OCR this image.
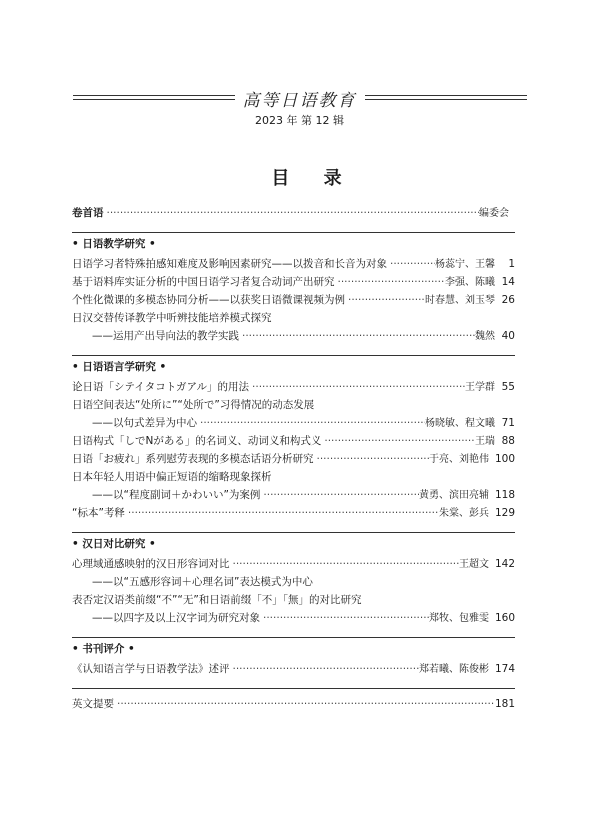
高等日语教育
2023 年 第 12 辑
目 录
卷首语 ·····	编委会
• 日语教学研究 •
日语学习者特殊拍感知难度及影响因素研究——以拨音和长音为对象 ·····	杨蕊宁、王馨	1
基于语料库实证分析的中国日语学习者复合动词产出研究 ·····	李强、陈曦 14
个性化微课的多模态协同分析——以获奖日语微课视频为例 ·····	时春慧、刘玉琴 26
日汉交替传译教学中听辨技能培养模式探究
——运用产出导向法的教学实践 ·····	魏然 40
• 日语语言学研究 •
论日语「シテイタコトガアル」的用法 ·····	王学群 55
日语空间表达“处所に”“处所で”习得情况的动态发展
——以句式差异为中心 ·····	杨晓敏、程文曦 71
日语构式「しでNがある」的名词义、动词义和构式义 ·····	王瑞 88
日语「お疲れ」系列慰劳表现的多模态话语分析研究 ·····	于亮、刘艳伟 100
日本年轻人用语中偏正短语的缩略现象探析
——以“程度副词＋かわいい”为案例 ·····	黄勇、滨田亮辅 118
“标本”考释 ·····	朱棠、彭兵 129
• 汉日对比研究 •
心理域通感映射的汉日形容词对比 ·····	王超文 142
——以“五感形容词＋心理名词”表达模式为中心
表否定汉语类前缀“不”“无”和日语前缀「不」「無」的对比研究
——以四字及以上汉字词为研究对象 ·····	郑牧、包雅雯 160
• 书刊评介 •
《认知语言学与日语教学法》述评 ·····	郑若曦、陈俊彬 174
英文提要 ·····	181
